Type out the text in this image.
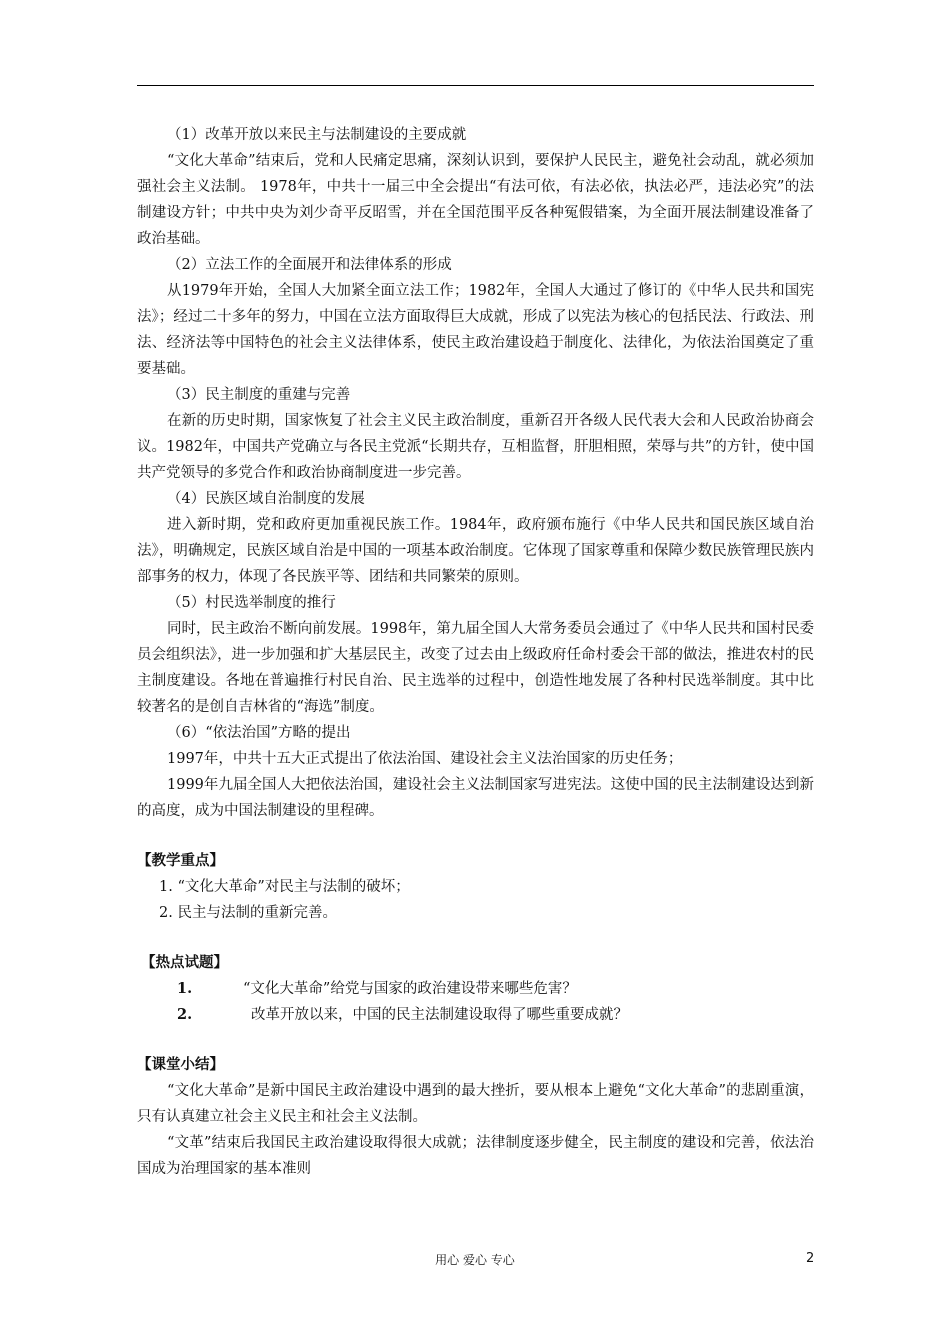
（1）改革开放以来民主与法制建设的主要成就

“文化大革命”结束后，党和人民痛定思痛，深刻认识到，要保护人民民主，避免社会动乱，就必须加强社会主义法制。 1978年，中共十一届三中全会提出“有法可依，有法必依，执法必严，违法必究”的法制建设方针；中共中央为刘少奇平反昭雪，并在全国范围平反各种冤假错案，为全面开展法制建设准备了政治基础。

（2）立法工作的全面展开和法律体系的形成

从1979年开始，全国人大加紧全面立法工作；1982年，全国人大通过了修订的《中华人民共和国宪法》；经过二十多年的努力，中国在立法方面取得巨大成就，形成了以宪法为核心的包括民法、行政法、刑法、经济法等中国特色的社会主义法律体系，使民主政治建设趋于制度化、法律化，为依法治国奠定了重要基础。

（3）民主制度的重建与完善

在新的历史时期，国家恢复了社会主义民主政治制度，重新召开各级人民代表大会和人民政治协商会议。1982年，中国共产党确立与各民主党派“长期共存，互相监督，肝胆相照，荣辱与共”的方针，使中国共产党领导的多党合作和政治协商制度进一步完善。

（4）民族区域自治制度的发展

进入新时期，党和政府更加重视民族工作。1984年，政府颁布施行《中华人民共和国民族区域自治法》，明确规定，民族区域自治是中国的一项基本政治制度。它体现了国家尊重和保障少数民族管理民族内部事务的权力，体现了各民族平等、团结和共同繁荣的原则。

（5）村民选举制度的推行

同时，民主政治不断向前发展。1998年，第九届全国人大常务委员会通过了《中华人民共和国村民委员会组织法》，进一步加强和扩大基层民主，改变了过去由上级政府任命村委会干部的做法，推进农村的民主制度建设。各地在普遍推行村民自治、民主选举的过程中，创造性地发展了各种村民选举制度。其中比较著名的是创自吉林省的“海选”制度。

（6）“依法治国”方略的提出

1997年，中共十五大正式提出了依法治国、建设社会主义法治国家的历史任务；

1999年九届全国人大把依法治国，建设社会主义法制国家写进宪法。这使中国的民主法制建设达到新的高度，成为中国法制建设的里程碑。

【教学重点】
1. “文化大革命”对民主与法制的破坏；
2. 民主与法制的重新完善。
【热点试题】
1.	“文化大革命”给党与国家的政治建设带来哪些危害？
2.	改革开放以来，中国的民主法制建设取得了哪些重要成就？
【课堂小结】

“文化大革命”是新中国民主政治建设中遇到的最大挫折，要从根本上避免“文化大革命”的悲剧重演，只有认真建立社会主义民主和社会主义法制。

“文革”结束后我国民主政治建设取得很大成就；法律制度逐步健全，民主制度的建设和完善，依法治国成为治理国家的基本准则

用心 爱心 专心	2
